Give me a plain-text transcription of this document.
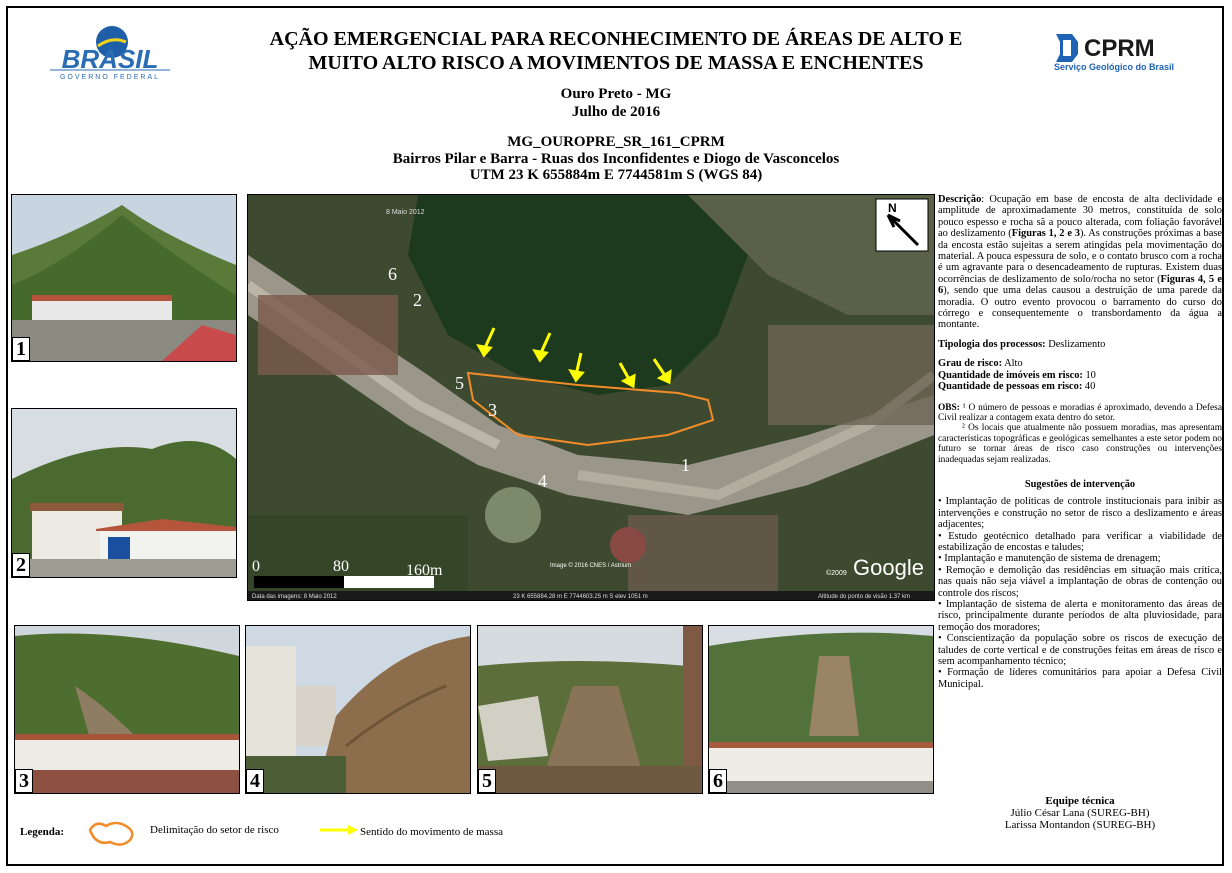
BRASIL
GOVERNO FEDERAL
CPRM
Serviço Geológico do Brasil
AÇÃO EMERGENCIAL PARA RECONHECIMENTO DE ÁREAS DE ALTO E
MUITO ALTO RISCO A MOVIMENTOS DE MASSA E ENCHENTES
Ouro Preto - MG
Julho de 2016
MG_OUROPRE_SR_161_CPRM
Bairros Pilar e Barra - Ruas dos Inconfidentes e Diogo de Vasconcelos
UTM 23 K 655884m E 7744581m S (WGS 84)
1
2
3	4	5	6
1
2
3
4
5
6
8 Maio 2012	N
0	80	160m	Google
©2009
Image © 2016 CNES / Astrium
Data das imagens: 8 Maio 2012	23 K 655884.28 m E 7744603.25 m S elev 1051 m	Altitude do ponto de visão 1.37 km

Descrição: Ocupação em base de encosta de alta declividade e amplitude de aproximadamente 30 metros, constituída de solo pouco espesso e rocha sã a pouco alterada, com foliação favorável ao deslizamento (Figuras 1, 2 e 3). As construções próximas a base da encosta estão sujeitas a serem atingidas pela movimentação do material. A pouca espessura de solo, e o contato brusco com a rocha é um agravante para o desencadeamento de rupturas. Existem duas ocorrências de deslizamento de solo/rocha no setor (Figuras 4, 5 e 6), sendo que uma delas causou a destruição de uma parede da moradia. O outro evento provocou o barramento do curso do córrego e consequentemente o transbordamento da água a montante.

Tipologia dos processos: Deslizamento

Grau de risco: Alto
Quantidade de imóveis em risco: 10
Quantidade de pessoas em risco: 40
OBS: ¹ O número de pessoas e moradias é aproximado, devendo a Defesa Civil realizar a contagem exata dentro do setor.
² Os locais que atualmente não possuem moradias, mas apresentam características topográficas e geológicas semelhantes a este setor podem no futuro se tornar áreas de risco caso construções ou intervenções inadequadas sejam realizadas.
Sugestões de intervenção
• Implantação de políticas de controle institucionais para inibir as intervenções e construção no setor de risco a deslizamento e áreas adjacentes;
• Estudo geotécnico detalhado para verificar a viabilidade de estabilização de encostas e taludes;
• Implantação e manutenção de sistema de drenagem;
• Remoção e demolição das residências em situação mais crítica, nas quais não seja viável a implantação de obras de contenção ou controle dos riscos;
• Implantação de sistema de alerta e monitoramento das áreas de risco, principalmente durante períodos de alta pluviosidade, para remoção dos moradores;
• Conscientização da população sobre os riscos de execução de taludes de corte vertical e de construções feitas em áreas de risco e sem acompanhamento técnico;
• Formação de líderes comunitários para apoiar a Defesa Civil Municipal.
Equipe técnica
Júlio César Lana (SUREG-BH)
Larissa Montandon (SUREG-BH)
Legenda:	Delimitação do setor de risco	Sentido do movimento de massa
